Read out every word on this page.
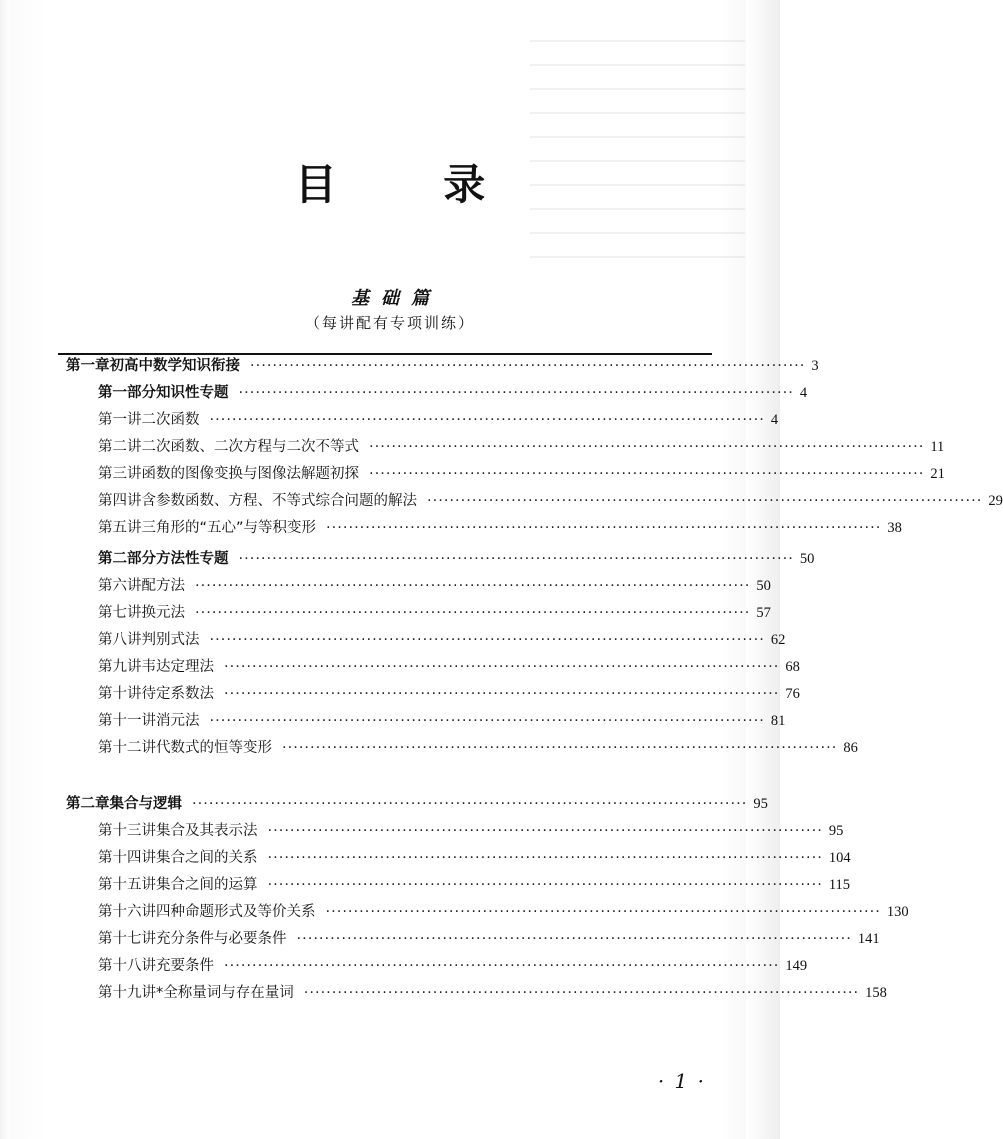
目 录
基础篇
（每讲配有专项训练）
第一章 初高中数学知识衔接 ··································································································· 3
第一部分 知识性专题 ··································································································· 4
第一讲 二次函数 ··································································································· 4
第二讲 二次函数、二次方程与二次不等式 ··································································································· 11
第三讲 函数的图像变换与图像法解题初探 ··································································································· 21
第四讲 含参数函数、方程、不等式综合问题的解法 ··································································································· 29
第五讲 三角形的“五心”与等积变形 ··································································································· 38
第二部分 方法性专题 ··································································································· 50
第六讲 配方法 ··································································································· 50
第七讲 换元法 ··································································································· 57
第八讲 判别式法 ··································································································· 62
第九讲 韦达定理法 ··································································································· 68
第十讲 待定系数法 ··································································································· 76
第十一讲 消元法 ··································································································· 81
第十二讲 代数式的恒等变形 ··································································································· 86
第二章 集合与逻辑 ··································································································· 95
第十三讲 集合及其表示法 ··································································································· 95
第十四讲 集合之间的关系 ··································································································· 104
第十五讲 集合之间的运算 ··································································································· 115
第十六讲 四种命题形式及等价关系 ··································································································· 130
第十七讲 充分条件与必要条件 ··································································································· 141
第十八讲 充要条件 ··································································································· 149
第十九讲* 全称量词与存在量词 ··································································································· 158
· 1 ·
